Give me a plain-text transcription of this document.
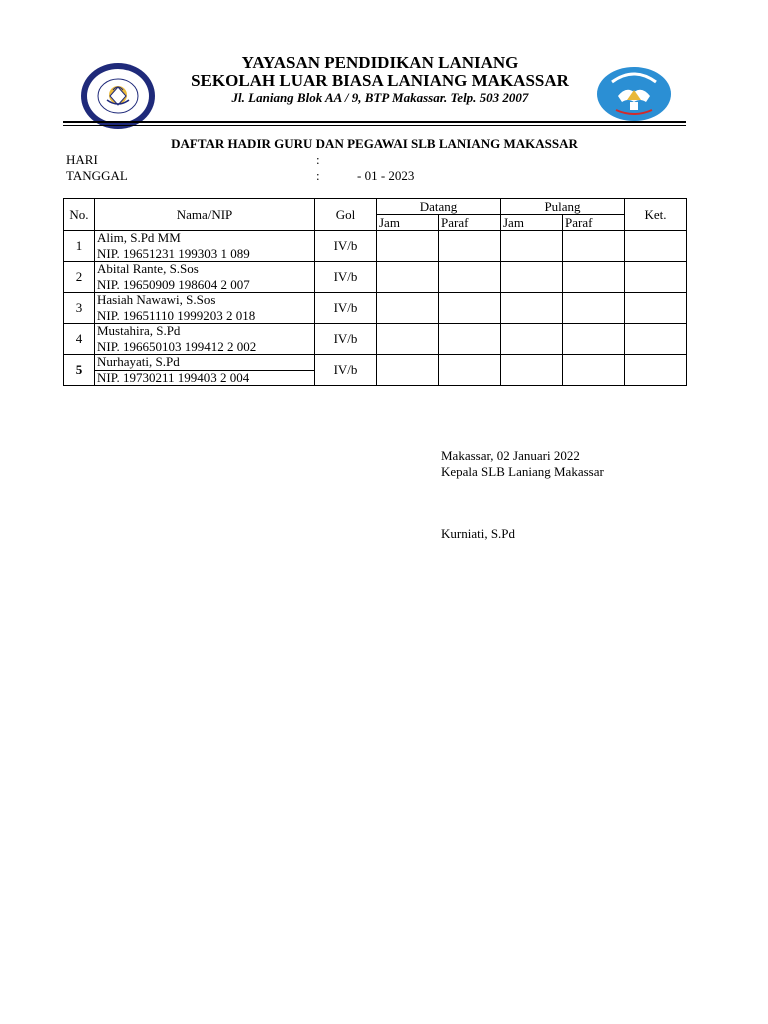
YAYASAN PENDIDIKAN LANIANG
SEKOLAH LUAR BIASA LANIANG MAKASSAR
Jl. Laniang Blok AA / 9, BTP Makassar. Telp. 503 2007
DAFTAR HADIR GURU DAN PEGAWAI SLB LANIANG MAKASSAR
HARI	:
TANGGAL	:	- 01 - 2023
No.	Nama/NIP	Gol	Datang		Pulang		Ket.
			Jam	Paraf	Jam	Paraf	
1	Alim, S.Pd MM	IV/b					
	NIP. 19651231 199303 1 089						
2	Abital Rante, S.Sos	IV/b					
	NIP. 19650909 198604 2 007						
3	Hasiah Nawawi, S.Sos	IV/b					
	NIP. 19651110 1999203 2 018						
4	Mustahira, S.Pd	IV/b					
	NIP. 196650103 199412 2 002						
5	Nurhayati, S.Pd	IV/b					
	NIP. 19730211 199403 2 004						
Makassar, 02 Januari 2022
Kepala SLB Laniang Makassar
Kurniati, S.Pd
